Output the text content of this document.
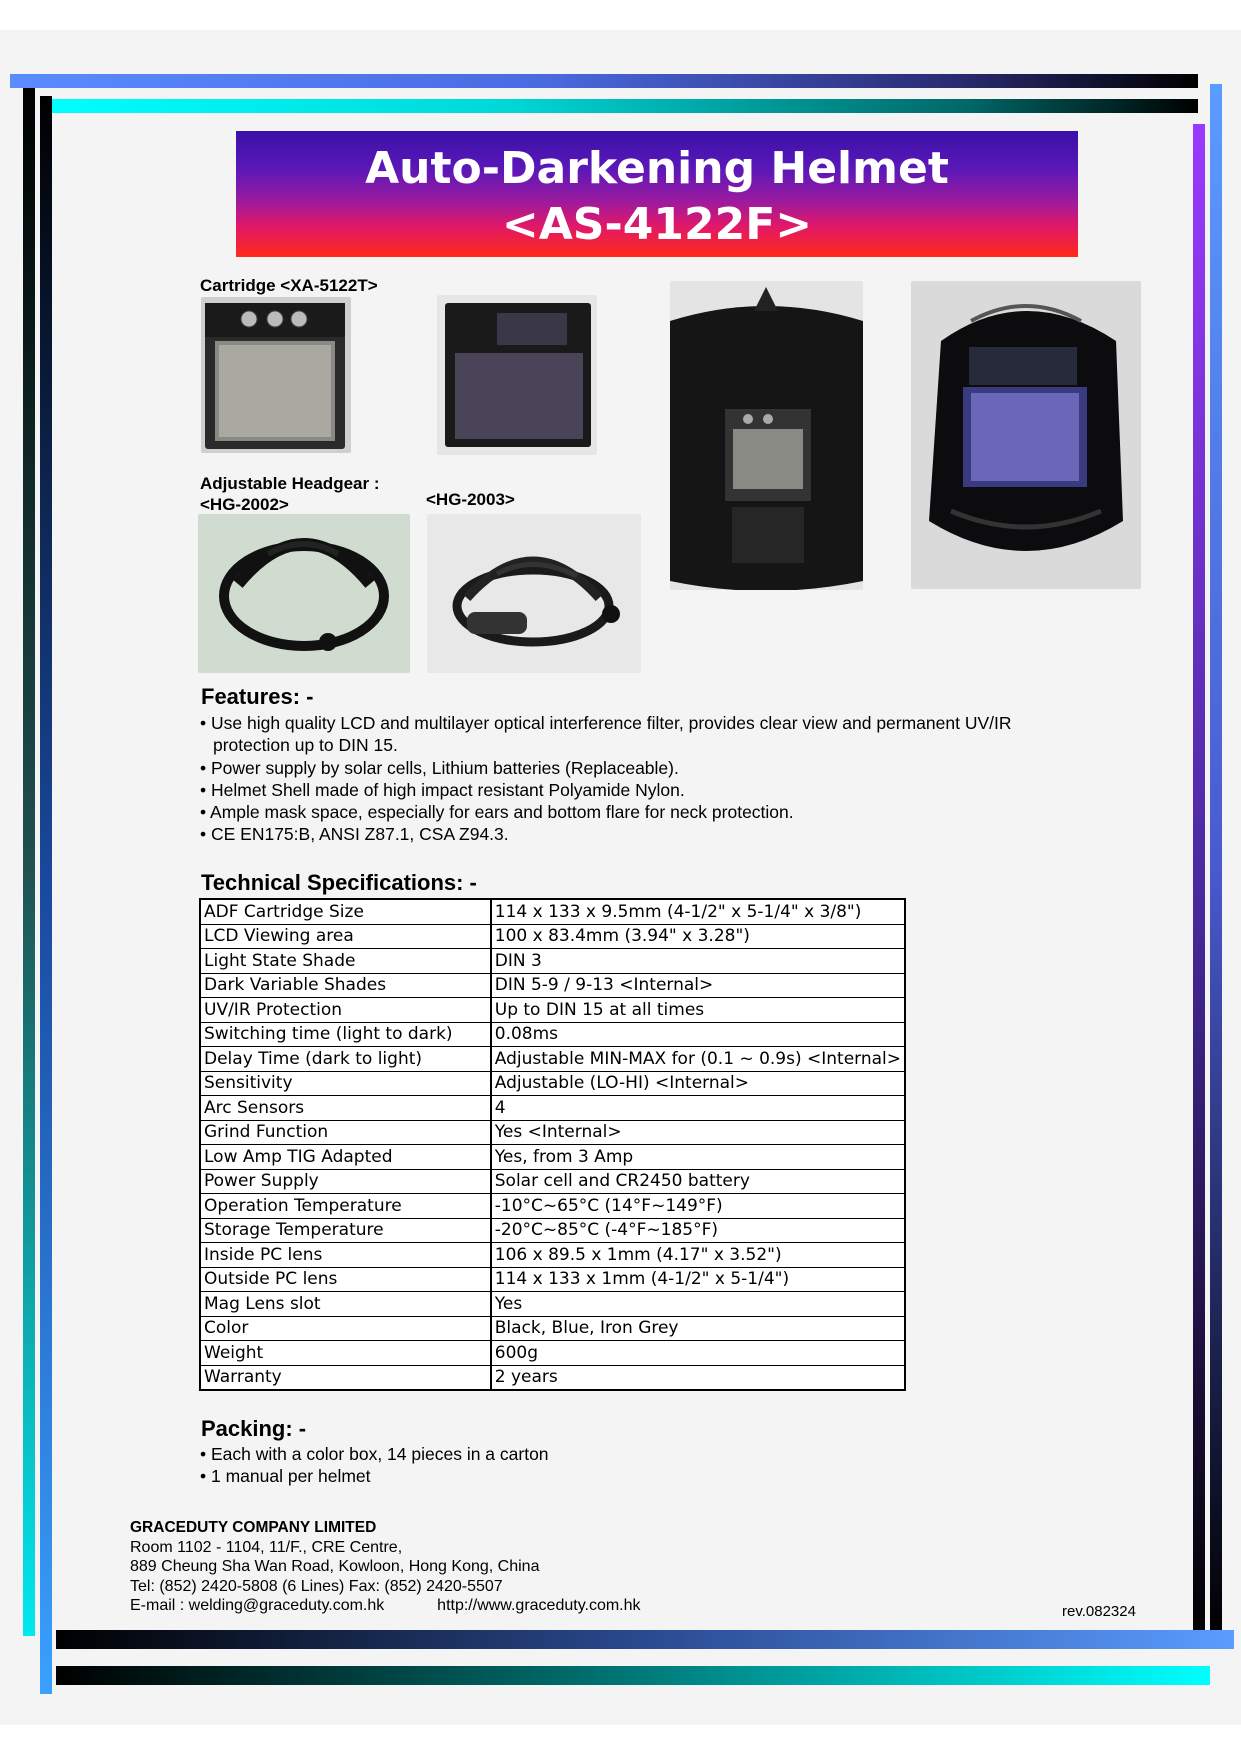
Auto-Darkening Helmet
<AS-4122F>
Cartridge <XA-5122T>
Adjustable Headgear :
<HG-2002>	<HG-2003>
Features: -
• Use high quality LCD and multilayer optical interference filter, provides clear view and permanent UV/IR protection up to DIN 15.
• Power supply by solar cells, Lithium batteries (Replaceable).
• Helmet Shell made of high impact resistant Polyamide Nylon.
• Ample mask space, especially for ears and bottom flare for neck protection.
• CE EN175:B, ANSI Z87.1, CSA Z94.3.
Technical Specifications: -
ADF Cartridge Size	114 x 133 x 9.5mm (4-1/2" x 5-1/4" x 3/8")
LCD Viewing area	100 x 83.4mm (3.94" x 3.28")
Light State Shade	DIN 3
Dark Variable Shades	DIN 5-9 / 9-13 <Internal>
UV/IR Protection	Up to DIN 15 at all times
Switching time (light to dark)	0.08ms
Delay Time (dark to light)	Adjustable MIN-MAX for (0.1 ~ 0.9s) <Internal>
Sensitivity	Adjustable (LO-HI) <Internal>
Arc Sensors	4
Grind Function	Yes <Internal>
Low Amp TIG Adapted	Yes, from 3 Amp
Power Supply	Solar cell and CR2450 battery
Operation Temperature	-10°C~65°C (14°F~149°F)
Storage Temperature	-20°C~85°C (-4°F~185°F)
Inside PC lens	106 x 89.5 x 1mm (4.17" x 3.52")
Outside PC lens	114 x 133 x 1mm (4-1/2" x 5-1/4")
Mag Lens slot	Yes
Color	Black, Blue, Iron Grey
Weight	600g
Warranty	2 years
Packing: -
• Each with a color box, 14 pieces in a carton
• 1 manual per helmet
GRACEDUTY COMPANY LIMITED
Room 1102 - 1104, 11/F., CRE Centre,
889 Cheung Sha Wan Road, Kowloon, Hong Kong, China
Tel: (852) 2420-5808 (6 Lines) Fax: (852) 2420-5507
E-mail : welding@graceduty.com.hk	http://www.graceduty.com.hk	rev.082324
